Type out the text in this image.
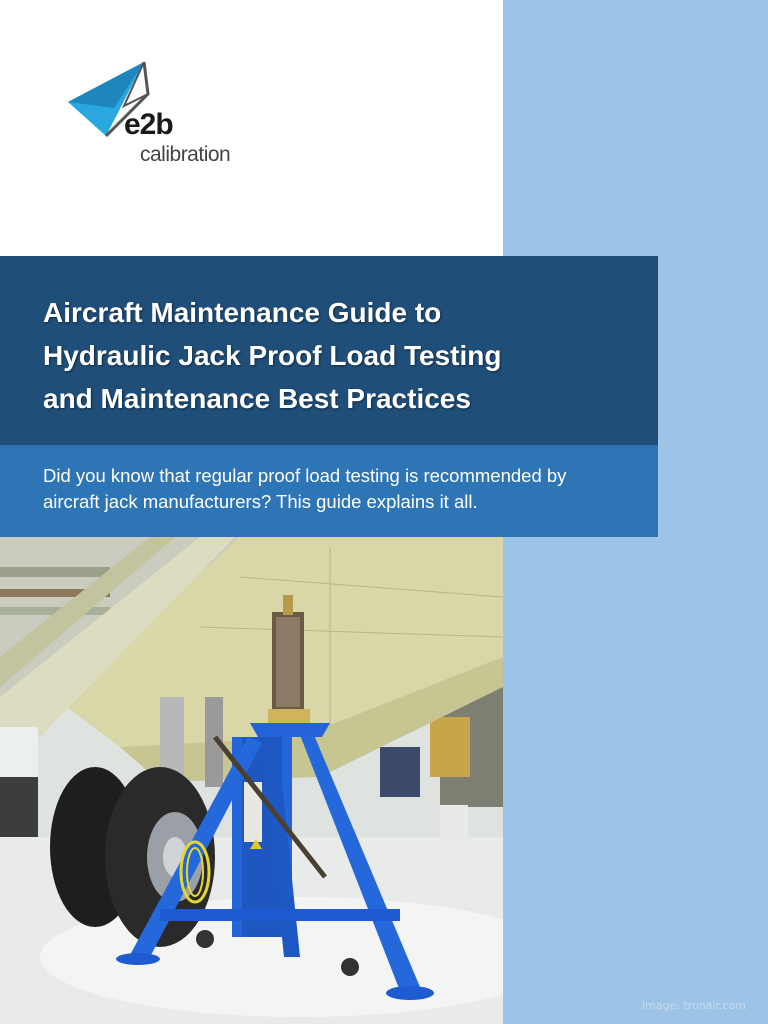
e2b
calibration
Aircraft Maintenance Guide to
Hydraulic Jack Proof Load Testing
and Maintenance Best Practices
Did you know that regular proof load testing is recommended by
aircraft jack manufacturers? This guide explains it all.
Image: tronair.com
